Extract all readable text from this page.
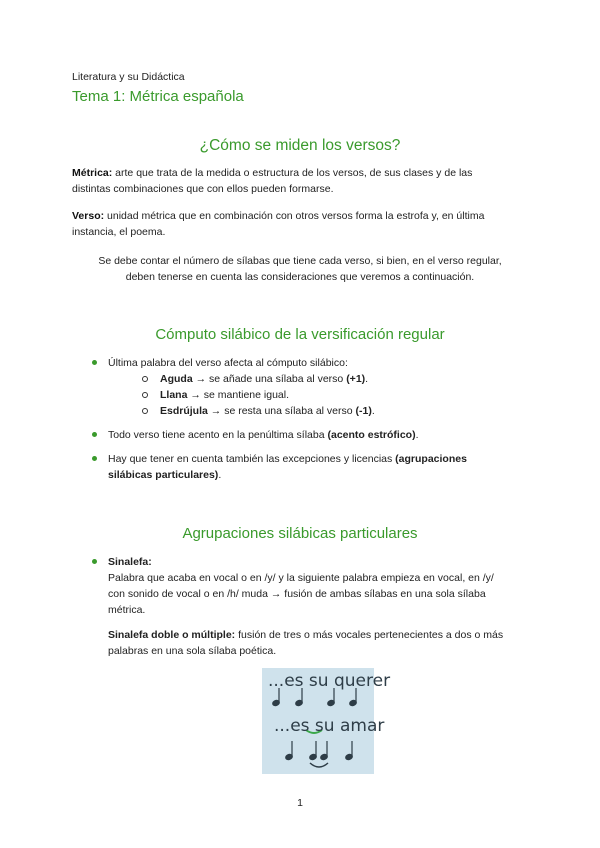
Literatura y su Didáctica
Tema 1: Métrica española
¿Cómo se miden los versos?
Métrica: arte que trata de la medida o estructura de los versos, de sus clases y de las
distintas combinaciones que con ellos pueden formarse.
Verso: unidad métrica que en combinación con otros versos forma la estrofa y, en última
instancia, el poema.
Se debe contar el número de sílabas que tiene cada verso, si bien, en el verso regular,
deben tenerse en cuenta las consideraciones que veremos a continuación.
Cómputo silábico de la versificación regular
Última palabra del verso afecta al cómputo silábico:
Aguda → se añade una sílaba al verso (+1).
Llana → se mantiene igual.
Esdrújula → se resta una sílaba al verso (-1).
Todo verso tiene acento en la penúltima sílaba (acento estrófico).
Hay que tener en cuenta también las excepciones y licencias (agrupaciones
silábicas particulares).
Agrupaciones silábicas particulares
Sinalefa:
Palabra que acaba en vocal o en /y/ y la siguiente palabra empieza en vocal, en /y/
con sonido de vocal o en /h/ muda → fusión de ambas sílabas en una sola sílaba
métrica.
Sinalefa doble o múltiple: fusión de tres o más vocales pertenecientes a dos o más
palabras en una sola sílaba poética.
...es su querer
...es su amar
1
